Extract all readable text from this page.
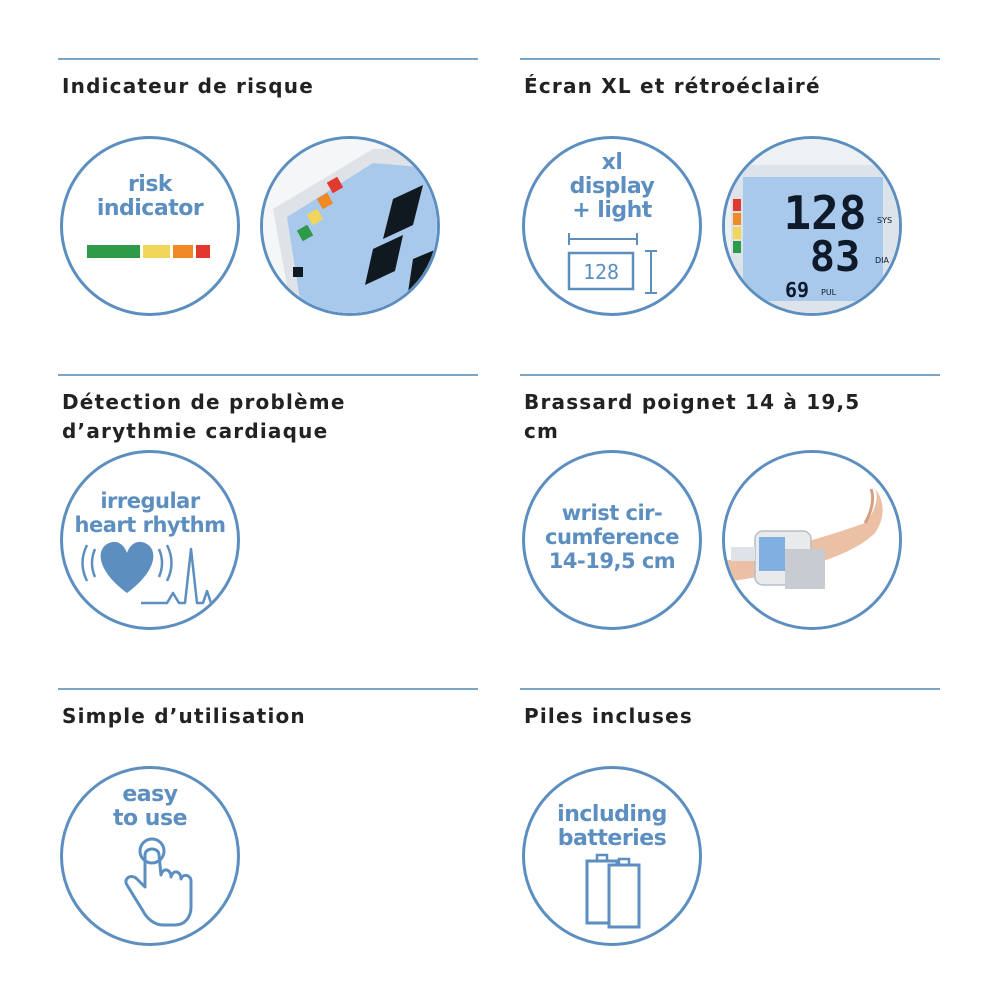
Indicateur de risque
risk
indicator
Écran XL et rétroéclairé
xl
display
+ light
128
128
83
69
SYS
DIA
PUL
Détection de problème
d’arythmie cardiaque
irregular
heart rhythm
Brassard poignet 14 à 19,5
cm
wrist cir-
cumference
14-19,5 cm
Simple d’utilisation
easy
to use
Piles incluses
including
batteries
